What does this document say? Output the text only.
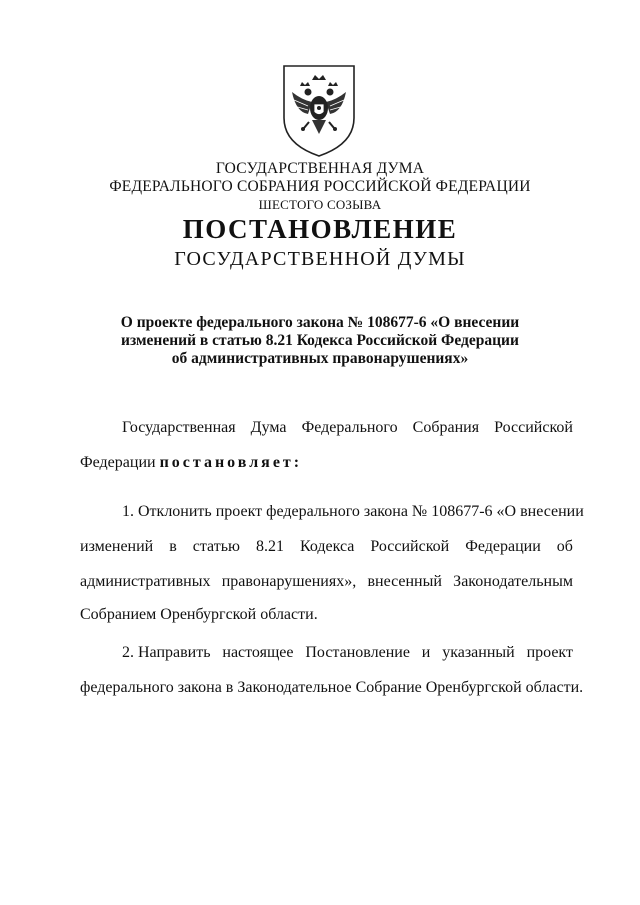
ГОСУДАРСТВЕННАЯ ДУМА
ФЕДЕРАЛЬНОГО СОБРАНИЯ РОССИЙСКОЙ ФЕДЕРАЦИИ
ШЕСТОГО СОЗЫВА
ПОСТАНОВЛЕНИЕ
ГОСУДАРСТВЕННОЙ ДУМЫ
О проекте федерального закона № 108677-6 «О внесении
изменений в статью 8.21 Кодекса Российской Федерации
об административных правонарушениях»
Государственная Дума Федерального Собрания Российской
Федерации постановляет:
1. Отклонить проект федерального закона № 108677-6 «О внесении
изменений в статью 8.21 Кодекса Российской Федерации об
административных правонарушениях», внесенный Законодательным
Собранием Оренбургской области.
2. Направить настоящее Постановление и указанный проект
федерального закона в Законодательное Собрание Оренбургской области.
